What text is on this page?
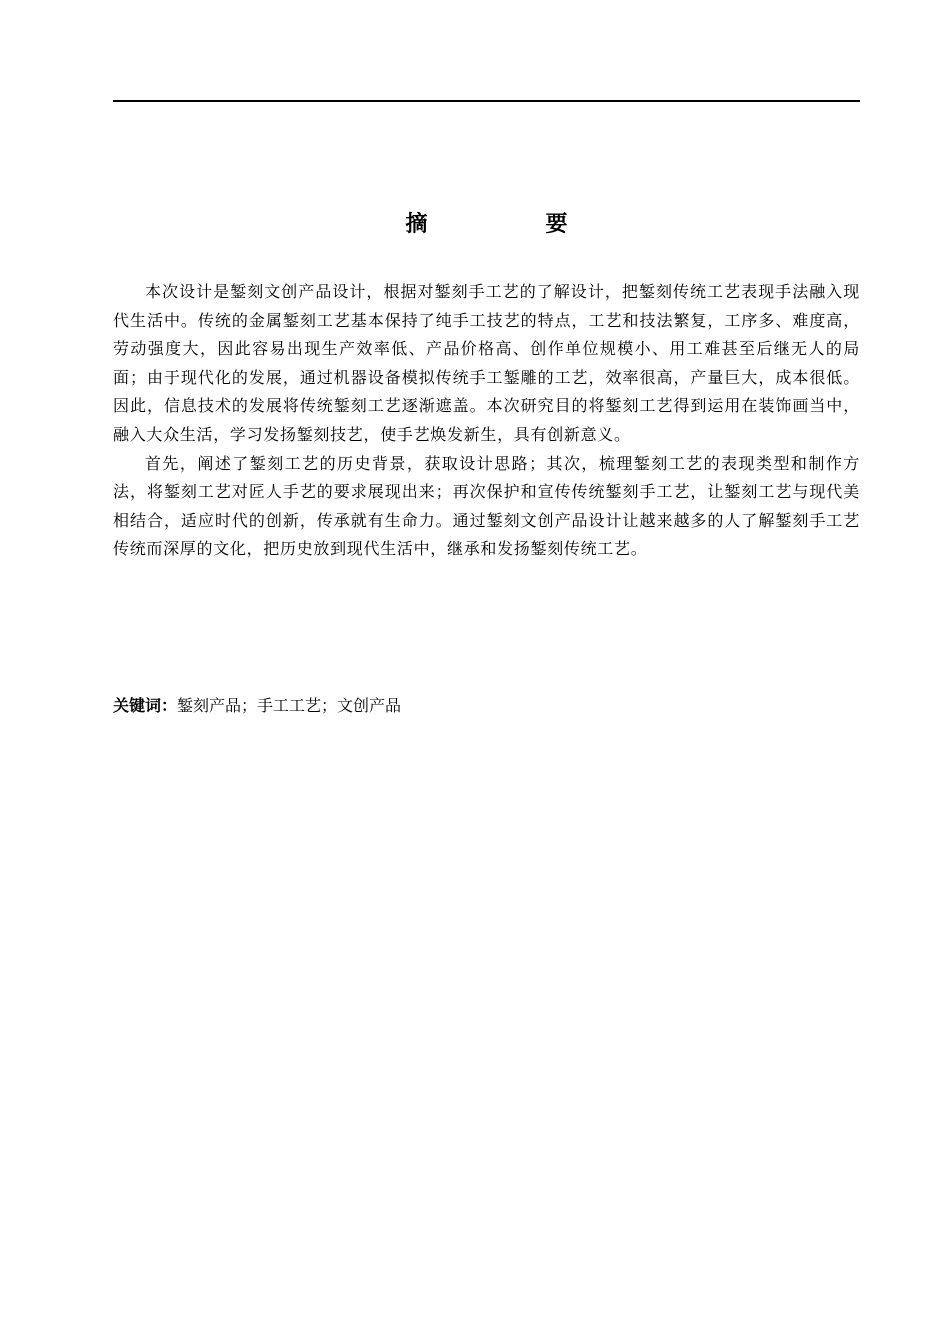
摘　要

本次设计是錾刻文创产品设计，根据对錾刻手工艺的了解设计，把錾刻传统工艺表现手法融入现代生活中。传统的金属錾刻工艺基本保持了纯手工技艺的特点，工艺和技法繁复，工序多、难度高，劳动强度大，因此容易出现生产效率低、产品价格高、创作单位规模小、用工难甚至后继无人的局面；由于现代化的发展，通过机器设备模拟传统手工錾雕的工艺，效率很高，产量巨大，成本很低。因此，信息技术的发展将传统錾刻工艺逐渐遮盖。本次研究目的将錾刻工艺得到运用在装饰画当中，融入大众生活，学习发扬錾刻技艺，使手艺焕发新生，具有创新意义。

首先，阐述了錾刻工艺的历史背景，获取设计思路；其次，梳理錾刻工艺的表现类型和制作方法，将錾刻工艺对匠人手艺的要求展现出来；再次保护和宣传传统錾刻手工艺，让錾刻工艺与现代美相结合，适应时代的创新，传承就有生命力。通过錾刻文创产品设计让越来越多的人了解錾刻手工艺传统而深厚的文化，把历史放到现代生活中，继承和发扬錾刻传统工艺。

关键词：錾刻产品；手工工艺；文创产品
